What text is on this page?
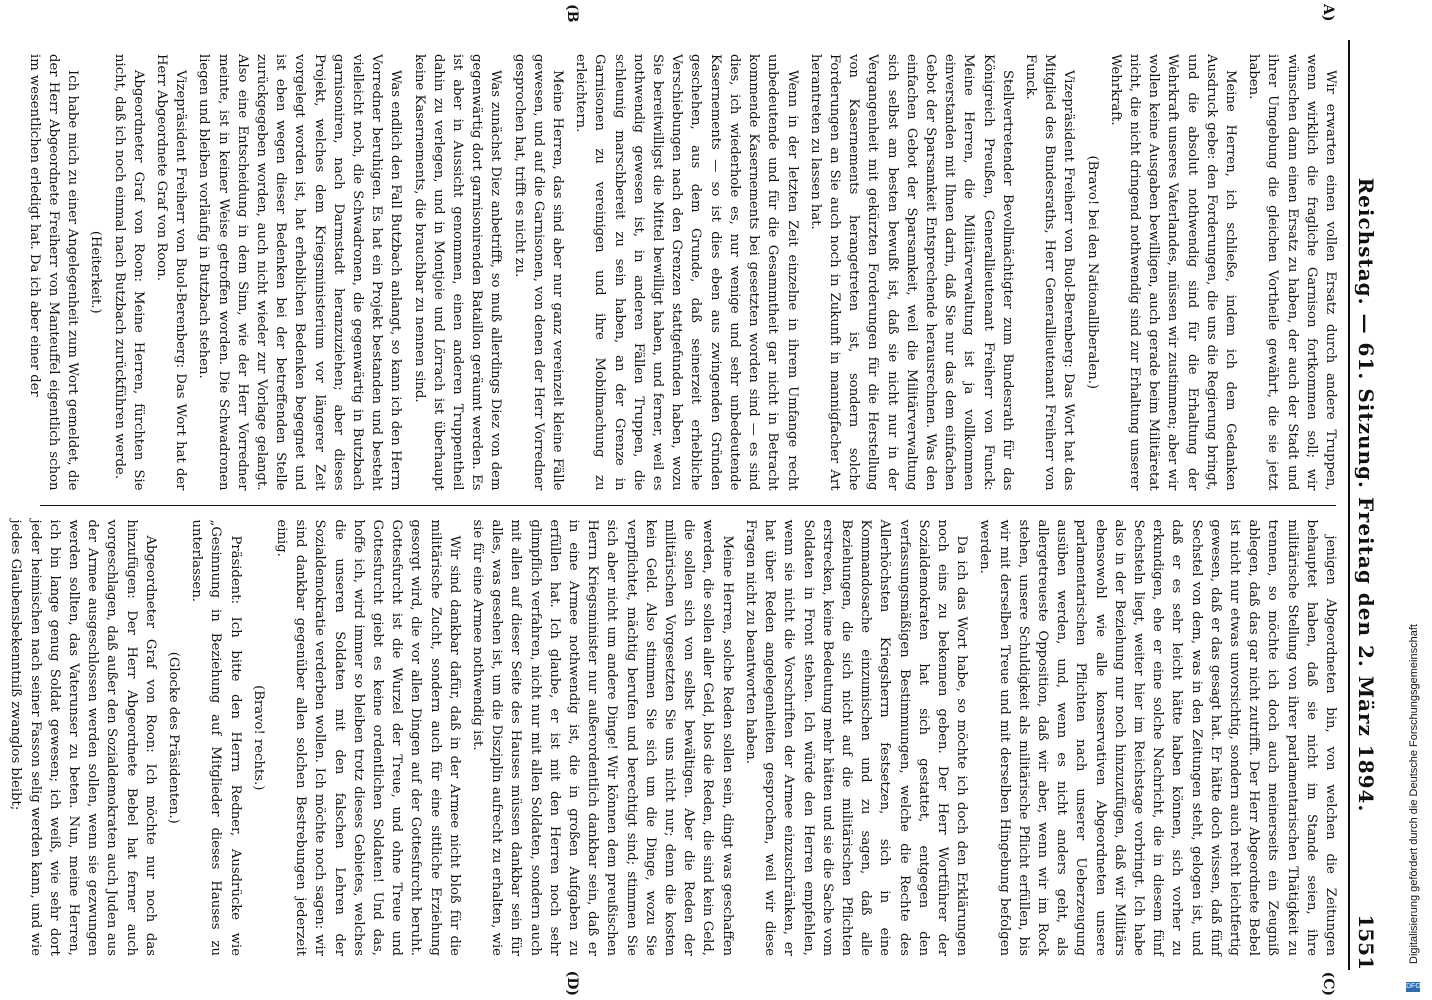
Reichstag. — 61. Sitzung. Freitag den 2. März 1894.
1551
A)
(B
(C)
(D)

Wir erwarten einen vollen Ersatz durch andere Truppen, wenn wirklich die fragliche Garnison fortkommen soll; wir wünschen dann einen Ersatz zu haben, der auch der Stadt und ihrer Umgebung die gleichen Vortheile gewährt, die sie jetzt haben.

Meine Herren, ich schließe, indem ich dem Gedanken Ausdruck gebe: den Forderungen, die uns die Regierung bringt, und die absolut nothwendig sind für die Erhaltung der Wehrkraft unseres Vaterlandes, müssen wir zustimmen; aber wir wollen keine Ausgaben bewilligen, auch gerade beim Militäretat nicht, die nicht dringend nothwendig sind zur Erhaltung unserer Wehrkraft.

(Bravo! bei den Nationalliberalen.)

Vizepräsident Freiherr von Buol-Berenberg: Das Wort hat das Mitglied des Bundesraths, Herr Generallieutenant Freiherr von Funck.

Stellvertretender Bevollmächtigter zum Bundesrath für das Königreich Preußen, Generallieutenant Freiherr von Funck: Meine Herren, die Militärverwaltung ist ja vollkommen einverstanden mit Ihnen darin, daß Sie nur das dem einfachen Gebot der Sparsamkeit Entsprechende herausrechnen. Was den einfachen Gebot der Sparsamkeit, weil die Militärverwaltung sich selbst am besten bewußt ist, daß sie nicht nur in der Vergangenheit mit gekürzten Forderungen für die Herstellung von Kasernements herangetreten ist, sondern solche Forderungen an Sie auch noch in Zukunft in mannigfacher Art herantreten zu lassen hat.

Wenn in der letzten Zeit einzelne in ihrem Umfange recht unbedeutende und für die Gesammtheit gar nicht in Betracht kommende Kasernements bei gesetzten worden sind — es sind dies, ich wiederhole es, nur wenige und sehr unbedeutende Kasernements — so ist dies eben aus zwingenden Gründen geschehen, aus dem Grunde, daß seinerzeit erhebliche Verschiebungen nach den Grenzen stattgefunden haben, wozu Sie bereitwilligst die Mittel bewilligt haben, und ferner, weil es nothwendig gewesen ist, in anderen Fällen Truppen, die schleunig marschbereit zu sein haben, an der Grenze in Garnisonen zu vereinigen und ihre Mobilmachung zu erleichtern.

Meine Herren, das sind aber nur ganz vereinzelt kleine Fälle gewesen, und auf die Garnisonen, von denen der Herr Vorredner gesprochen hat, trifft es nicht zu.

Was zunächst Diez anbetrifft, so muß allerdings Diez von dem gegenwärtig dort garnisonirenden Bataillon geräumt werden. Es ist aber in Aussicht genommen, einen anderen Truppentheil dahin zu verlegen, und in Montjoie und Lörrach ist überhaupt keine Kasernements, die brauchbar zu nennen sind.

Was endlich den Fall Butzbach anlangt, so kann ich den Herrn Vorredner beruhigen. Es hat ein Projekt bestanden und besteht vielleicht noch, die Schwadronen, die gegenwärtig in Butzbach garnisoniren, nach Darmstadt heranzuziehen; aber dieses Projekt, welches dem Kriegsministerium vor längerer Zeit vorgelegt worden ist, hat erheblichen Bedenken begegnet und ist eben wegen dieser Bedenken bei der betreffenden Stelle zurückgegeben worden, auch nicht wieder zur Vorlage gelangt. Also eine Entscheidung in dem Sinn, wie der Herr Vorredner meinte, ist in keiner Weise getroffen worden. Die Schwadronen liegen und bleiben vorläufig in Butzbach stehen.

Vizepräsident Freiherr von Buol-Berenberg: Das Wort hat der Herr Abgeordnete Graf von Roon.

Abgeordneter Graf von Roon: Meine Herren, fürchten Sie nicht, daß ich noch einmal nach Butzbach zurückführen werde.

(Heiterkeit.)

Ich habe mich zu einer Angelegenheit zum Wort gemeldet, die der Herr Abgeordnete Freiherr von Manteuffel eigentlich schon im wesentlichen erledigt hat. Da ich aber einer der

jenigen Abgeordneten bin, von welchen die Zeitungen behauptet haben, daß sie nicht im Stande seien, ihre militärische Stellung von ihrer parlamentarischen Thätigkeit zu trennen, so möchte ich doch auch meinerseits ein Zeugniß ablegen, daß das gar nicht zutrifft. Der Herr Abgeordnete Bebel ist nicht nur etwas unvorsichtig, sondern auch recht leichtfertig gewesen, daß er das gesagt hat. Er hätte doch wissen, daß fünf Sechstel von dem, was in den Zeitungen steht, gelogen ist, und daß er es sehr leicht hätte haben können, sich vorher zu erkundigen, ehe er eine solche Nachricht, die in diesem fünf Sechsteln liegt, weiter hier im Reichstage vorbringt. Ich habe also in der Beziehung nur noch hinzuzufügen, daß wir Militärs ebensowohl wie alle konservativen Abgeordneten unsere parlamentarischen Pflichten nach unserer Ueberzeugung ausüben werden, und, wenn es nicht anders geht, als allergetreueste Opposition, daß wir aber, wenn wir im Rock stehen, unsere Schuldigkeit als militärische Pflicht erfüllen, bis wir mit derselben Treue und mit derselben Hingebung befolgen werden.

Da ich das Wort habe, so möchte ich doch den Erklärungen noch eins zu bekennen geben. Der Herr Wortführer der Sozialdemokraten hat sich gestattet, entgegen den verfassungsmäßigen Bestimmungen, welche die Rechte des Allerhöchsten Kriegsherrn festsetzen, sich in eine Kommandosache einzumischen und zu sagen, daß alle Beziehungen, die sich nicht auf die militärischen Pflichten erstrecken, keine Bedeutung mehr hätten und sie die Sache vom Soldaten in Front stehen. Ich würde den Herren empfehlen, wenn sie nicht die Vorschriften der Armee einzuschränken, er hat über Reden angelegenheiten gesprochen, weil wir diese Fragen nicht zu beantworten haben.

Meine Herren, solche Reden sollen sein, dingt was geschaffen werden, die sollen aller Geld, blos die Reden, die sind kein Geld, die sollen sich von selbst bewältigen. Aber die Reden der militärischen Vorgesetzten Sie uns nicht nur; denn die kosten kein Geld. Also stimmen Sie sich um die Dinge, wozu Sie verpflichtet, mächtig berufen und berechtigt sind; stimmen Sie sich aber nicht um andere Dinge! Wir können dem preußischen Herrn Kriegsminister nur außerordentlich dankbar sein, daß er in eine Armee nothwendig ist, die in großen Aufgaben zu erfüllen hat. Ich glaube, er ist mit den Herren noch sehr glimpflich verfahren, nicht nur mit allen Soldaten, sondern auch mit allen auf dieser Seite des Hauses müssen dankbar sein für alles, was gesehen ist, um die Disziplin aufrecht zu erhalten, wie sie für eine Armee nothwendig ist.

Wir sind dankbar dafür, daß in der Armee nicht bloß für die militärische Zucht, sondern auch für eine sittliche Erziehung gesorgt wird, die vor allen Dingen auf der Gottesfurcht beruht. Gottesfurcht ist die Wurzel der Treue, und ohne Treue und Gottesfurcht giebt es keine ordentlichen Soldaten! Und das, hoffe ich, wird immer so bleiben trotz dieses Gebietes, welches die unseren Soldaten mit den falschen Lehren der Sozialdemokratie verderben wollen. Ich möchte noch sagen: wir sind dankbar gegenüber allen solchen Bestrebungen jederzeit einig.

(Bravo! rechts.)

Präsident: Ich bitte den Herrn Redner, Ausdrücke wie „Gesinnung in Beziehung auf Mitglieder dieses Hauses zu unterlassen.

(Glocke des Präsidenten.)

Abgeordneter Graf von Roon: Ich möchte nur noch das hinzufügen: Der Herr Abgeordnete Bebel hat ferner auch vorgeschlagen, daß außer den Sozialdemokraten auch Juden aus der Armee ausgeschlossen werden sollen, wenn sie gezwungen werden sollten, das Vaterunser zu beten. Nun, meine Herren, ich bin lange genug Soldat gewesen; ich weiß, wie sehr dort jeder heimischen nach seiner Fasson selig werden kann, und wie jedes Glaubensbekenntniß zwanglos bleibt;	Digitalisierung gefördert durch die Deutsche Forschungsgemeinschaft
DFG
